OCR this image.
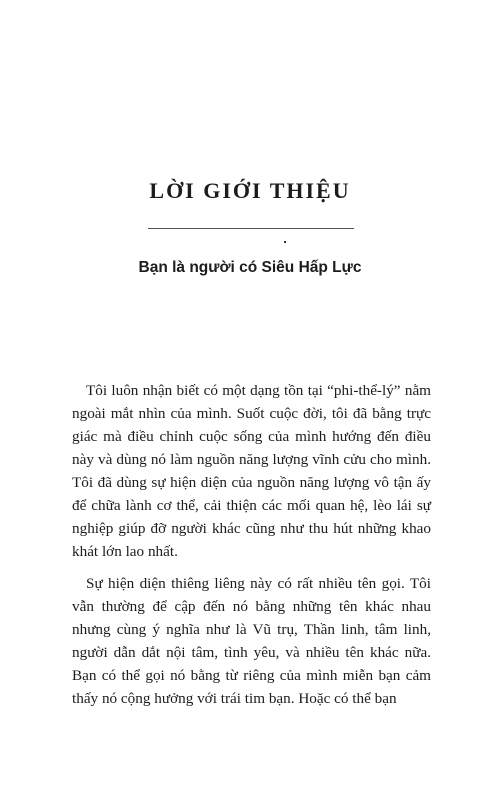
LỜI GIỚI THIỆU
Bạn là người có Siêu Hấp Lực

Tôi luôn nhận biết có một dạng tồn tại “phi-thể-lý” nằm ngoài mắt nhìn của mình. Suốt cuộc đời, tôi đã bằng trực giác mà điều chỉnh cuộc sống của mình hướng đến điều này và dùng nó làm nguồn năng lượng vĩnh cửu cho mình. Tôi đã dùng sự hiện diện của nguồn năng lượng vô tận ấy để chữa lành cơ thể, cải thiện các mối quan hệ, lèo lái sự nghiệp giúp đỡ người khác cũng như thu hút những khao khát lớn lao nhất.

Sự hiện diện thiêng liêng này có rất nhiều tên gọi. Tôi vẫn thường để cập đến nó bằng những tên khác nhau nhưng cùng ý nghĩa như là Vũ trụ, Thần linh, tâm linh, người dẫn dắt nội tâm, tình yêu, và nhiều tên khác nữa. Bạn có thể gọi nó bằng từ riêng của mình miễn bạn cảm thấy nó cộng hưởng với trái tim bạn. Hoặc có thể bạn
